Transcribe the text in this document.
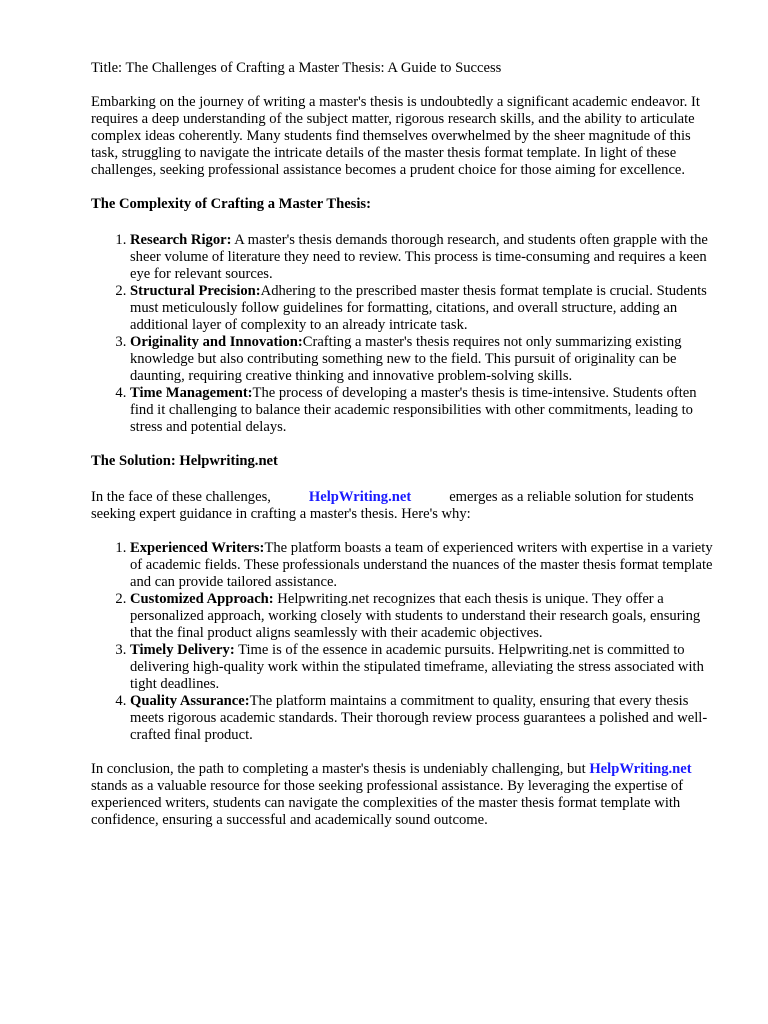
Title: The Challenges of Crafting a Master Thesis: A Guide to Success

Embarking on the journey of writing a master's thesis is undoubtedly a significant academic endeavor. It requires a deep understanding of the subject matter, rigorous research skills, and the ability to articulate complex ideas coherently. Many students find themselves overwhelmed by the sheer magnitude of this task, struggling to navigate the intricate details of the master thesis format template. In light of these challenges, seeking professional assistance becomes a prudent choice for those aiming for excellence.

The Complexity of Crafting a Master Thesis:
1. Research Rigor: A master's thesis demands thorough research, and students often grapple with the sheer volume of literature they need to review. This process is time-consuming and requires a keen eye for relevant sources.
2. Structural Precision:Adhering to the prescribed master thesis format template is crucial. Students must meticulously follow guidelines for formatting, citations, and overall structure, adding an additional layer of complexity to an already intricate task.
3. Originality and Innovation:Crafting a master's thesis requires not only summarizing existing knowledge but also contributing something new to the field. This pursuit of originality can be daunting, requiring creative thinking and innovative problem-solving skills.
4. Time Management:The process of developing a master's thesis is time-intensive. Students often find it challenging to balance their academic responsibilities with other commitments, leading to stress and potential delays.
The Solution: Helpwriting.net

In the face of these challenges,	HelpWriting.net	emerges as a reliable solution for students seeking expert guidance in crafting a master's thesis. Here's why:

1. Experienced Writers:The platform boasts a team of experienced writers with expertise in a variety of academic fields. These professionals understand the nuances of the master thesis format template and can provide tailored assistance.
2. Customized Approach: Helpwriting.net recognizes that each thesis is unique. They offer a personalized approach, working closely with students to understand their research goals, ensuring that the final product aligns seamlessly with their academic objectives.
3. Timely Delivery: Time is of the essence in academic pursuits. Helpwriting.net is committed to delivering high-quality work within the stipulated timeframe, alleviating the stress associated with tight deadlines.
4. Quality Assurance:The platform maintains a commitment to quality, ensuring that every thesis meets rigorous academic standards. Their thorough review process guarantees a polished and well-crafted final product.

In conclusion, the path to completing a master's thesis is undeniably challenging, but HelpWriting.netstands as a valuable resource for those seeking professional assistance. By leveraging the expertise of experienced writers, students can navigate the complexities of the master thesis format template with confidence, ensuring a successful and academically sound outcome.
